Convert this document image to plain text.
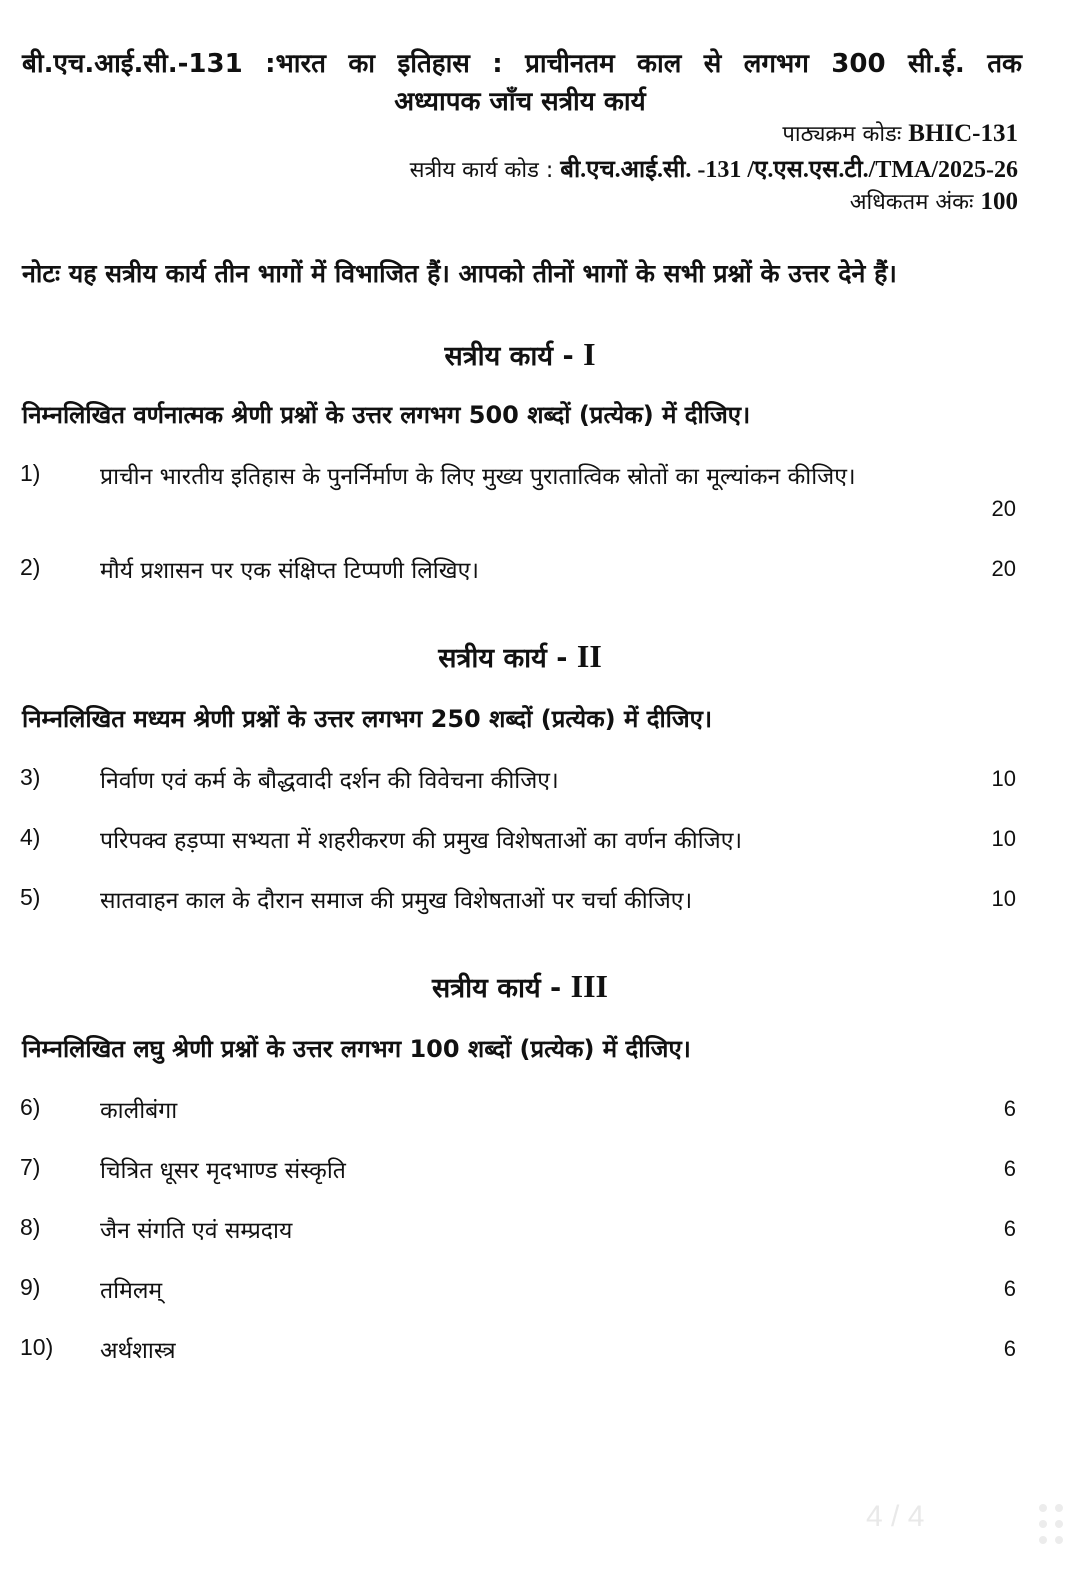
बी.एच.आई.सी.-131 :भारत का इतिहास : प्राचीनतम काल से लगभग 300 सी.ई. तक
अध्यापक जाँच सत्रीय कार्य
पाठ्यक्रम कोडः BHIC-131
सत्रीय कार्य कोड : बी.एच.आई.सी. -131 /ए.एस.एस.टी./TMA/2025-26
अधिकतम अंकः 100
नोटः यह सत्रीय कार्य तीन भागों में विभाजित हैं। आपको तीनों भागों के सभी प्रश्नों के उत्तर देने हैं।
सत्रीय कार्य - I
निम्नलिखित वर्णनात्मक श्रेणी प्रश्नों के उत्तर लगभग 500 शब्दों (प्रत्येक) में दीजिए।
1)	प्राचीन भारतीय इतिहास के पुनर्निर्माण के लिए मुख्य पुरातात्विक स्रोतों का मूल्यांकन कीजिए।
20
2)	मौर्य प्रशासन पर एक संक्षिप्त टिप्पणी लिखिए।	20
सत्रीय कार्य - II
निम्नलिखित मध्यम श्रेणी प्रश्नों के उत्तर लगभग 250 शब्दों (प्रत्येक) में दीजिए।
3)	निर्वाण एवं कर्म के बौद्धवादी दर्शन की विवेचना कीजिए।	10
4)	परिपक्व हड़प्पा सभ्यता में शहरीकरण की प्रमुख विशेषताओं का वर्णन कीजिए।	10
5)	सातवाहन काल के दौरान समाज की प्रमुख विशेषताओं पर चर्चा कीजिए।	10
सत्रीय कार्य - III
निम्नलिखित लघु श्रेणी प्रश्नों के उत्तर लगभग 100 शब्दों (प्रत्येक) में दीजिए।
6)	कालीबंगा	6
7)	चित्रित धूसर मृदभाण्ड संस्कृति	6
8)	जैन संगति एवं सम्प्रदाय	6
9)	तमिलम्	6
10) अर्थशास्त्र	6
4 / 4
